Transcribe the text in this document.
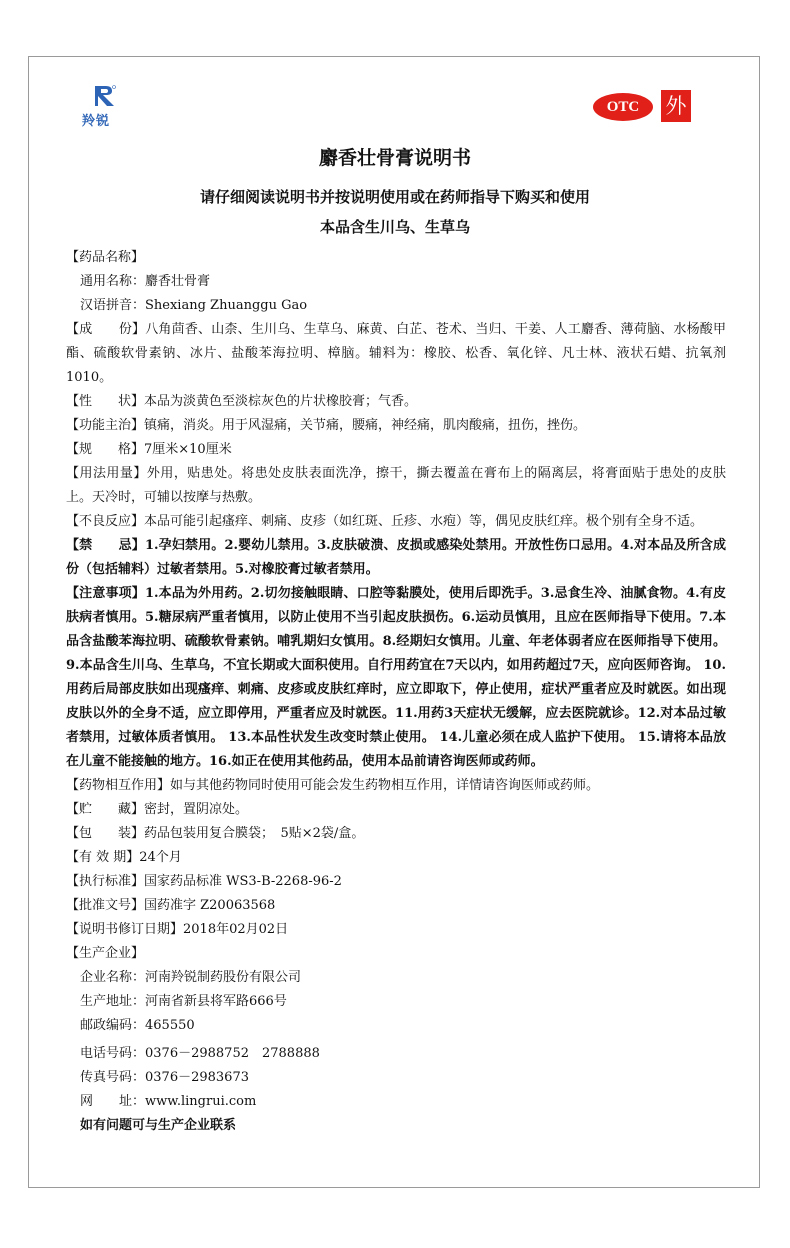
羚锐
OTC	外
麝香壮骨膏说明书
请仔细阅读说明书并按说明使用或在药师指导下购买和使用
本品含生川乌、生草乌
【药品名称】
通用名称：麝香壮骨膏
汉语拼音：Shexiang Zhuanggu Gao
【成　　份】八角茴香、山柰、生川乌、生草乌、麻黄、白芷、苍术、当归、干姜、人工麝香、薄荷脑、水杨酸甲酯、硫酸软骨素钠、冰片、盐酸苯海拉明、樟脑。辅料为：橡胶、松香、氧化锌、凡士林、液状石蜡、抗氧剂1010。
【性　　状】本品为淡黄色至淡棕灰色的片状橡胶膏；气香。
【功能主治】镇痛，消炎。用于风湿痛，关节痛，腰痛，神经痛，肌肉酸痛，扭伤，挫伤。
【规　　格】7厘米×10厘米
【用法用量】外用，贴患处。将患处皮肤表面洗净，擦干，撕去覆盖在膏布上的隔离层，将膏面贴于患处的皮肤上。天冷时，可辅以按摩与热敷。
【不良反应】本品可能引起瘙痒、刺痛、皮疹（如红斑、丘疹、水疱）等，偶见皮肤红痒。极个别有全身不适。
【禁　　忌】1.孕妇禁用。2.婴幼儿禁用。3.皮肤破溃、皮损或感染处禁用。开放性伤口忌用。4.对本品及所含成份（包括辅料）过敏者禁用。5.对橡胶膏过敏者禁用。
【注意事项】1.本品为外用药。2.切勿接触眼睛、口腔等黏膜处，使用后即洗手。3.忌食生冷、油腻食物。4.有皮肤病者慎用。5.糖尿病严重者慎用，以防止使用不当引起皮肤损伤。6.运动员慎用，且应在医师指导下使用。7.本品含盐酸苯海拉明、硫酸软骨素钠。哺乳期妇女慎用。8.经期妇女慎用。儿童、年老体弱者应在医师指导下使用。9.本品含生川乌、生草乌，不宜长期或大面积使用。自行用药宜在7天以内，如用药超过7天，应向医师咨询。 10.用药后局部皮肤如出现瘙痒、刺痛、皮疹或皮肤红痒时，应立即取下，停止使用，症状严重者应及时就医。如出现皮肤以外的全身不适，应立即停用，严重者应及时就医。11.用药3天症状无缓解，应去医院就诊。12.对本品过敏者禁用，过敏体质者慎用。 13.本品性状发生改变时禁止使用。 14.儿童必须在成人监护下使用。 15.请将本品放在儿童不能接触的地方。16.如正在使用其他药品，使用本品前请咨询医师或药师。
【药物相互作用】如与其他药物同时使用可能会发生药物相互作用，详情请咨询医师或药师。
【贮　　藏】密封，置阴凉处。
【包　　装】药品包装用复合膜袋；　5贴×2袋/盒。
【有 效 期】24个月
【执行标准】国家药品标准 WS3-B-2268-96-2
【批准文号】国药准字 Z20063568
【说明书修订日期】2018年02月02日
【生产企业】
企业名称：河南羚锐制药股份有限公司
生产地址：河南省新县将军路666号
邮政编码：465550
电话号码：0376－2988752　2788888
传真号码：0376－2983673
网　　址：www.lingrui.com
如有问题可与生产企业联系
